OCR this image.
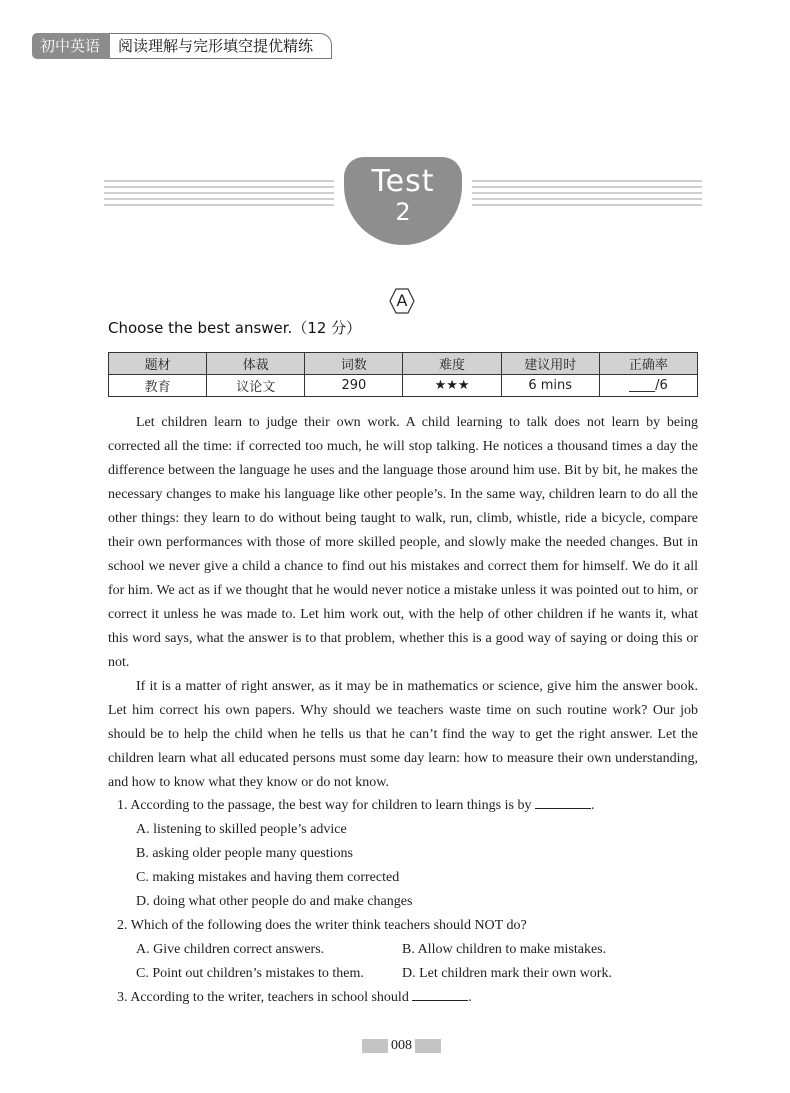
初中英语	阅读理解与完形填空提优精练
Test
2
A
Choose the best answer.（12 分）
题材	体裁	词数	难度	建议用时	正确率
教育	议论文	290	★★★	6 mins	____/6

Let children learn to judge their own work. A child learning to talk does not learn by being corrected all the time: if corrected too much, he will stop talking. He notices a thousand times a day the difference between the language he uses and the language those around him use. Bit by bit, he makes the necessary changes to make his language like other people’s. In the same way, children learn to do all the other things: they learn to do without being taught to walk, run, climb, whistle, ride a bicycle, compare their own performances with those of more skilled people, and slowly make the needed changes. But in school we never give a child a chance to find out his mistakes and correct them for himself. We do it all for him. We act as if we thought that he would never notice a mistake unless it was pointed out to him, or correct it unless he was made to. Let him work out, with the help of other children if he wants it, what this word says, what the answer is to that problem, whether this is a good way of saying or doing this or not.

If it is a matter of right answer, as it may be in mathematics or science, give him the answer book. Let him correct his own papers. Why should we teachers waste time on such routine work? Our job should be to help the child when he tells us that he can’t find the way to get the right answer. Let the children learn what all educated persons must some day learn: how to measure their own understanding, and how to know what they know or do not know.

1. According to the passage, the best way for children to learn things is by	.
A. listening to skilled people’s advice
B. asking older people many questions
C. making mistakes and having them corrected
D. doing what other people do and make changes
2. Which of the following does the writer think teachers should NOT do?
A. Give children correct answers.	B. Allow children to make mistakes.
C. Point out children’s mistakes to them.	D. Let children mark their own work.
3. According to the writer, teachers in school should	.
008
